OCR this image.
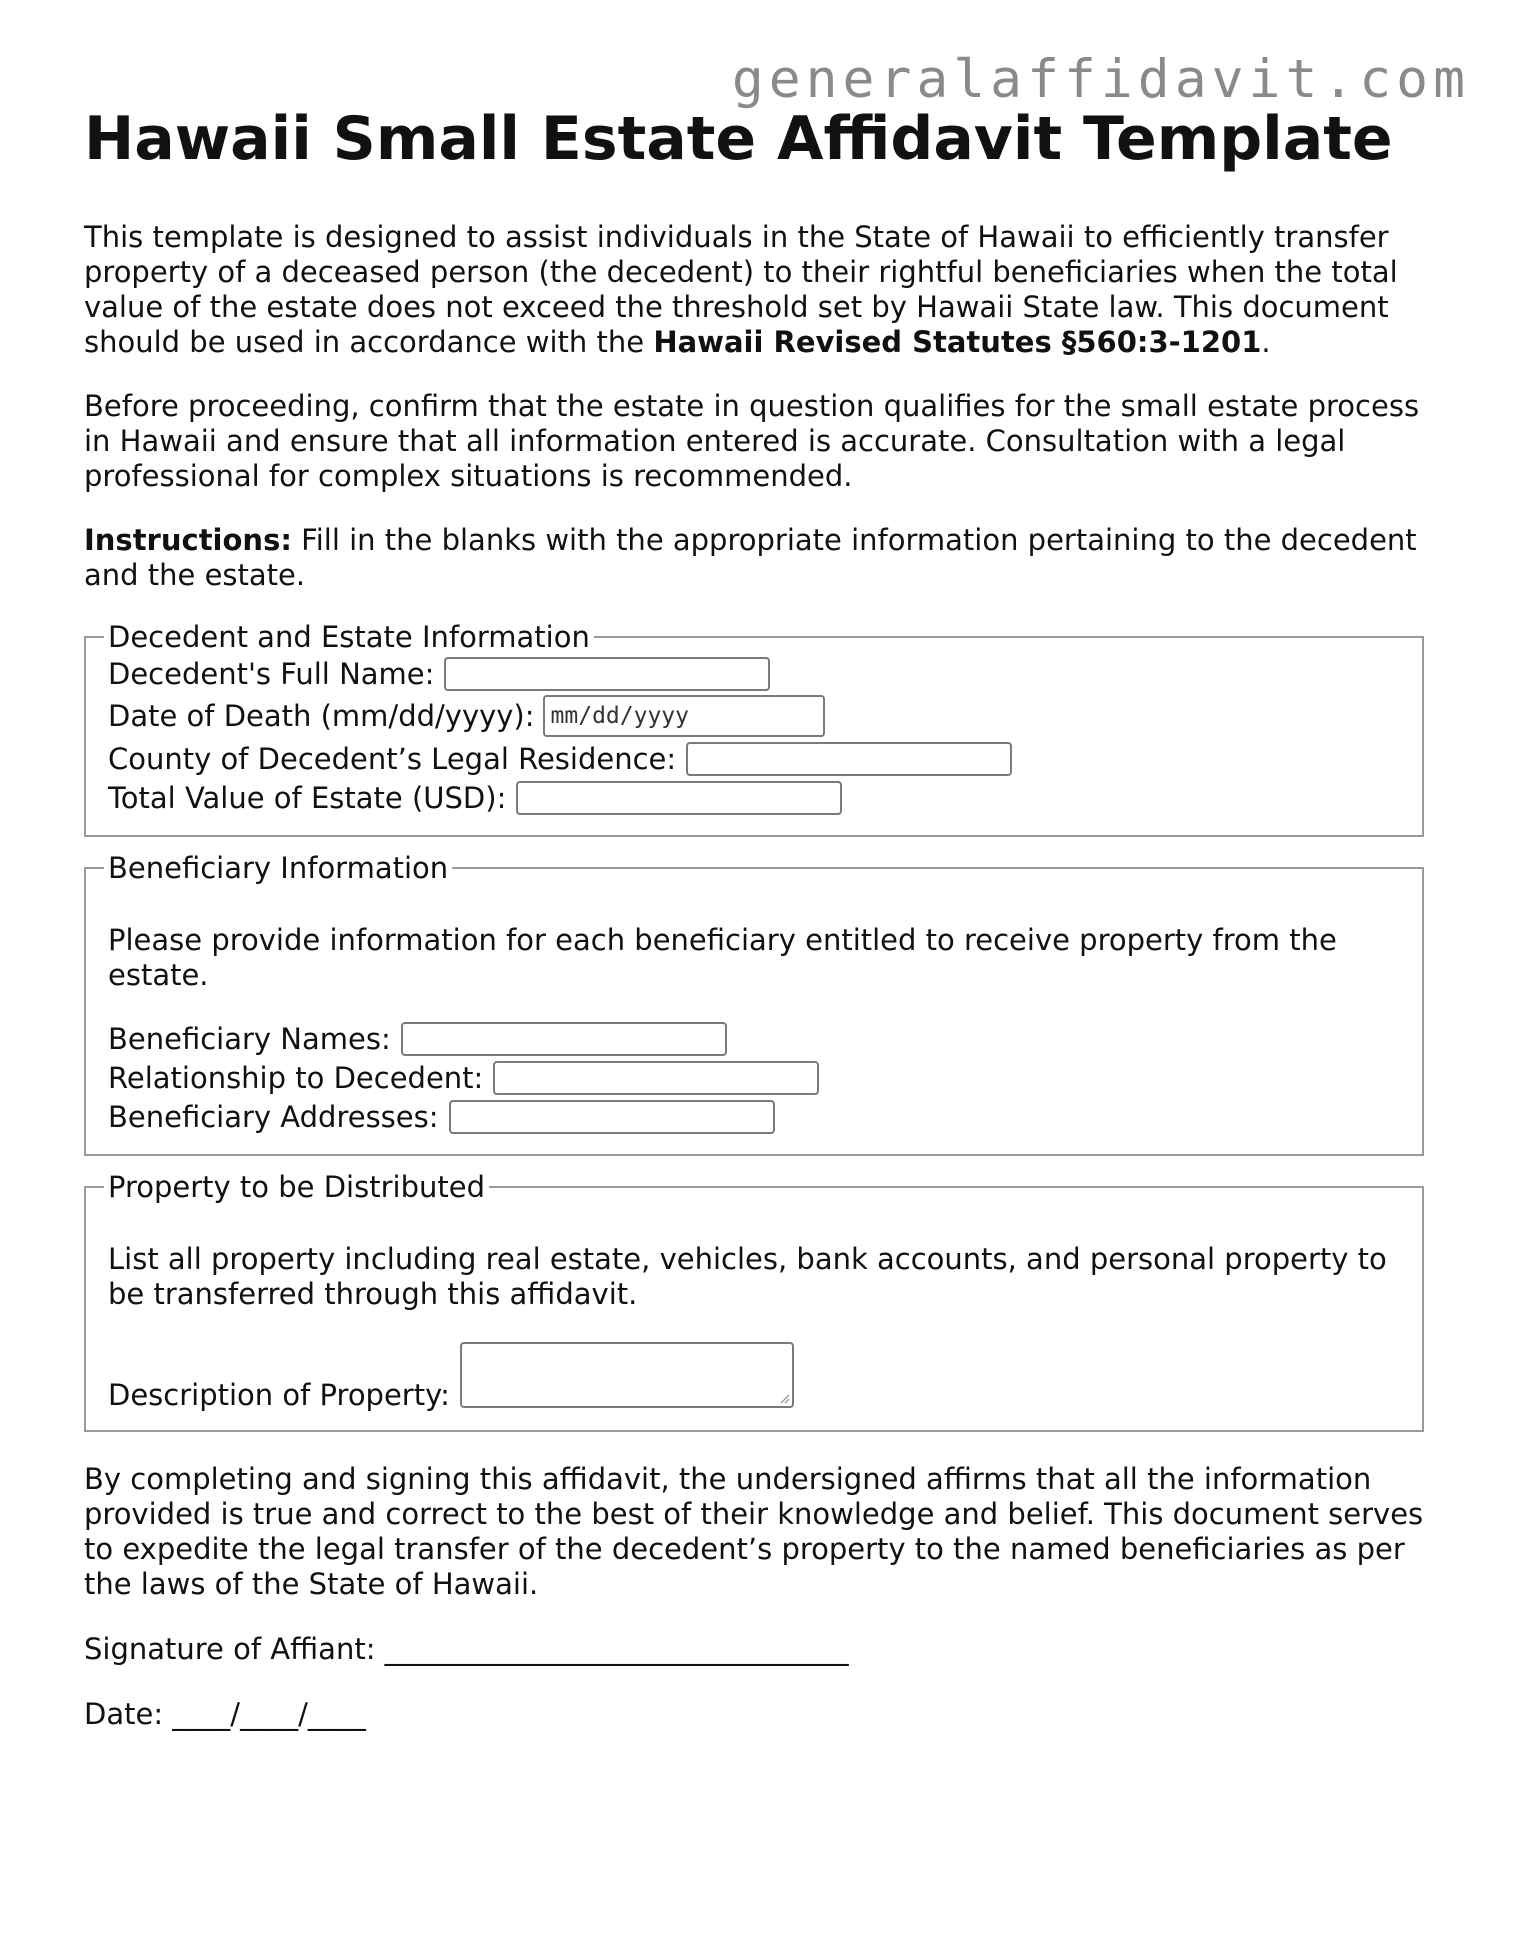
generalaffidavit.com
Hawaii Small Estate Affidavit Template

This template is designed to assist individuals in the State of Hawaii to efficiently transfer property of a deceased person (the decedent) to their rightful beneficiaries when the total value of the estate does not exceed the threshold set by Hawaii State law. This document should be used in accordance with the Hawaii Revised Statutes §560:3-1201.

Before proceeding, confirm that the estate in question qualifies for the small estate process in Hawaii and ensure that all information entered is accurate. Consultation with a legal professional for complex situations is recommended.

Instructions: Fill in the blanks with the appropriate information pertaining to the decedent and the estate.

Decedent and Estate Information
Decedent's Full Name:
Date of Death (mm/dd/yyyy): mm/dd/yyyy
County of Decedent’s Legal Residence:
Total Value of Estate (USD):
Beneficiary Information

Please provide information for each beneficiary entitled to receive property from the estate.

Beneficiary Names:
Relationship to Decedent:
Beneficiary Addresses:
Property to be Distributed

List all property including real estate, vehicles, bank accounts, and personal property to be transferred through this affidavit.

Description of Property:

By completing and signing this affidavit, the undersigned affirms that all the information provided is true and correct to the best of their knowledge and belief. This document serves to expedite the legal transfer of the decedent’s property to the named beneficiaries as per the laws of the State of Hawaii.

Signature of Affiant: ________________________________

Date: ____/____/____
